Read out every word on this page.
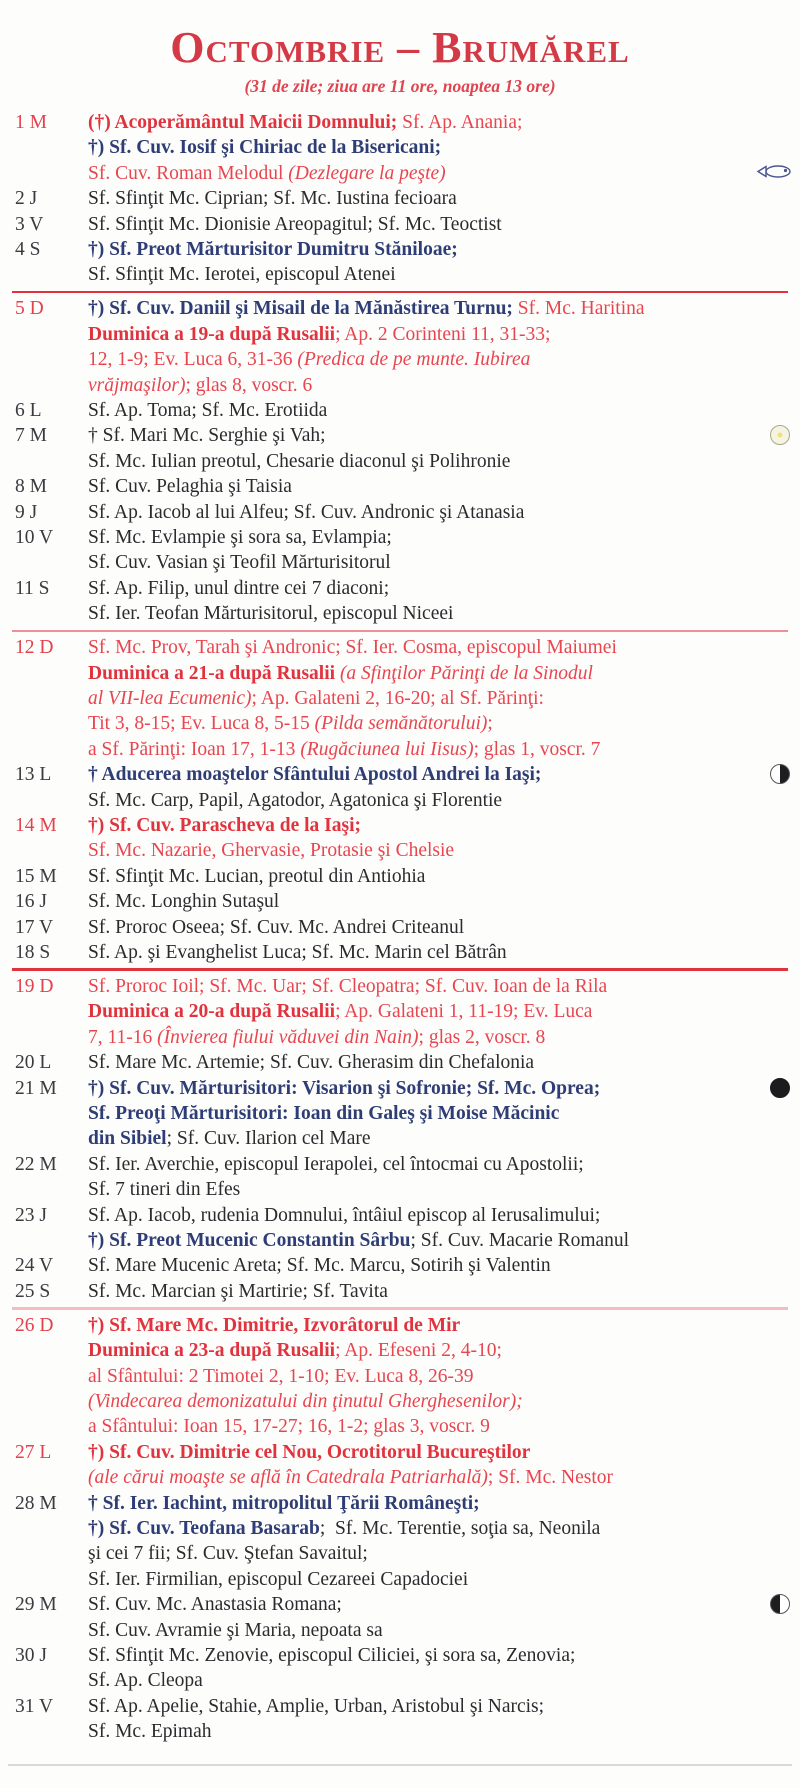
Octombrie – Brumărel
(31 de zile; ziua are 11 ore, noaptea 13 ore)
1 M	(†) Acoperământul Maicii Domnului; Sf. Ap. Anania;
†) Sf. Cuv. Iosif şi Chiriac de la Bisericani;
Sf. Cuv. Roman Melodul (Dezlegare la peşte)
2 J	Sf. Sfinţit Mc. Ciprian; Sf. Mc. Iustina fecioara
3 V	Sf. Sfinţit Mc. Dionisie Areopagitul; Sf. Mc. Teoctist
4 S	†) Sf. Preot Mărturisitor Dumitru Stăniloae;
Sf. Sfinţit Mc. Ierotei, episcopul Atenei
5 D	†) Sf. Cuv. Daniil şi Misail de la Mănăstirea Turnu; Sf. Mc. Haritina
Duminica a 19-a după Rusalii; Ap. 2 Corinteni 11, 31-33;
12, 1-9; Ev. Luca 6, 31-36 (Predica de pe munte. Iubirea
vrăjmaşilor); glas 8, voscr. 6
6 L	Sf. Ap. Toma; Sf. Mc. Erotiida
7 M	† Sf. Mari Mc. Serghie şi Vah;
Sf. Mc. Iulian preotul, Chesarie diaconul şi Polihronie
8 M	Sf. Cuv. Pelaghia şi Taisia
9 J	Sf. Ap. Iacob al lui Alfeu; Sf. Cuv. Andronic şi Atanasia
10 V	Sf. Mc. Evlampie şi sora sa, Evlampia;
Sf. Cuv. Vasian şi Teofil Mărturisitorul
11 S	Sf. Ap. Filip, unul dintre cei 7 diaconi;
Sf. Ier. Teofan Mărturisitorul, episcopul Niceei
12 D	Sf. Mc. Prov, Tarah şi Andronic; Sf. Ier. Cosma, episcopul Maiumei
Duminica a 21-a după Rusalii (a Sfinţilor Părinţi de la Sinodul
al VII-lea Ecumenic); Ap. Galateni 2, 16-20; al Sf. Părinţi:
Tit 3, 8-15; Ev. Luca 8, 5-15 (Pilda semănătorului);
a Sf. Părinţi: Ioan 17, 1-13 (Rugăciunea lui Iisus); glas 1, voscr. 7
13 L	† Aducerea moaştelor Sfântului Apostol Andrei la Iaşi;
Sf. Mc. Carp, Papil, Agatodor, Agatonica şi Florentie
14 M	†) Sf. Cuv. Parascheva de la Iaşi;
Sf. Mc. Nazarie, Ghervasie, Protasie şi Chelsie
15 M	Sf. Sfinţit Mc. Lucian, preotul din Antiohia
16 J	Sf. Mc. Longhin Sutaşul
17 V	Sf. Proroc Oseea; Sf. Cuv. Mc. Andrei Criteanul
18 S	Sf. Ap. şi Evanghelist Luca; Sf. Mc. Marin cel Bătrân
19 D	Sf. Proroc Ioil; Sf. Mc. Uar; Sf. Cleopatra; Sf. Cuv. Ioan de la Rila
Duminica a 20-a după Rusalii; Ap. Galateni 1, 11-19; Ev. Luca
7, 11-16 (Învierea fiului văduvei din Nain); glas 2, voscr. 8
20 L	Sf. Mare Mc. Artemie; Sf. Cuv. Gherasim din Chefalonia
21 M	†) Sf. Cuv. Mărturisitori: Visarion şi Sofronie; Sf. Mc. Oprea;
Sf. Preoţi Mărturisitori: Ioan din Galeş şi Moise Măcinic
din Sibiel; Sf. Cuv. Ilarion cel Mare
22 M	Sf. Ier. Averchie, episcopul Ierapolei, cel întocmai cu Apostolii;
Sf. 7 tineri din Efes
23 J	Sf. Ap. Iacob, rudenia Domnului, întâiul episcop al Ierusalimului;
†) Sf. Preot Mucenic Constantin Sârbu; Sf. Cuv. Macarie Romanul
24 V	Sf. Mare Mucenic Areta; Sf. Mc. Marcu, Sotirih şi Valentin
25 S	Sf. Mc. Marcian şi Martirie; Sf. Tavita
26 D	†) Sf. Mare Mc. Dimitrie, Izvorâtorul de Mir
Duminica a 23-a după Rusalii; Ap. Efeseni 2, 4-10;
al Sfântului: 2 Timotei 2, 1-10; Ev. Luca 8, 26-39
(Vindecarea demonizatului din ţinutul Gherghesenilor);
a Sfântului: Ioan 15, 17-27; 16, 1-2; glas 3, voscr. 9
27 L	†) Sf. Cuv. Dimitrie cel Nou, Ocrotitorul Bucureştilor
(ale cărui moaşte se află în Catedrala Patriarhală); Sf. Mc. Nestor
28 M	† Sf. Ier. Iachint, mitropolitul Ţării Româneşti;
†) Sf. Cuv. Teofana Basarab;  Sf. Mc. Terentie, soţia sa, Neonila
şi cei 7 fii; Sf. Cuv. Ştefan Savaitul;
Sf. Ier. Firmilian, episcopul Cezareei Capadociei
29 M	Sf. Cuv. Mc. Anastasia Romana;
Sf. Cuv. Avramie şi Maria, nepoata sa
30 J	Sf. Sfinţit Mc. Zenovie, episcopul Ciliciei, şi sora sa, Zenovia;
Sf. Ap. Cleopa
31 V	Sf. Ap. Apelie, Stahie, Amplie, Urban, Aristobul şi Narcis;
Sf. Mc. Epimah
